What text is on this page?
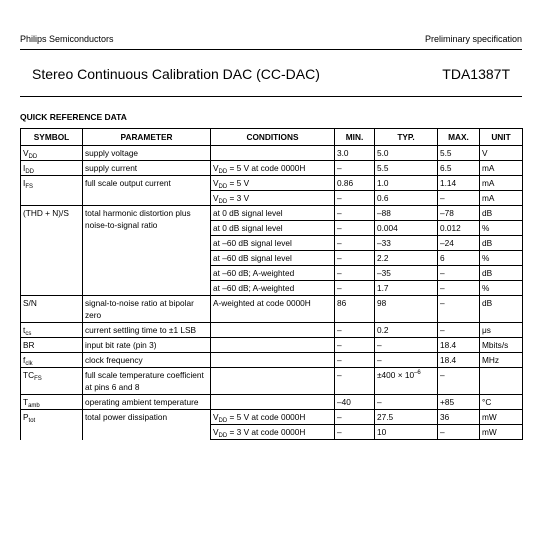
Philips Semiconductors	Preliminary specification
Stereo Continuous Calibration DAC (CC-DAC)	TDA1387T
QUICK REFERENCE DATA
SYMBOL	PARAMETER	CONDITIONS	MIN.	TYP.	MAX.	UNIT
$V_{DD}$	supply voltage		3.0	5.0	5.5	V
$I_{DD}$	supply current	$V_{DD} = 5$ V at code 0000H	–	5.5	6.5	mA
$I_{FS}$	full scale output current	$V_{DD} = 5$ V	0.86	1.0	1.14	mA
		$V_{DD} = 3$ V	–	0.6	–	mA
(THD + N)/S	total harmonic distortion plus noise-to-signal ratio	at 0 dB signal level	–	–88	–78	dB
		at 0 dB signal level	–	0.004	0.012	%
		at –60 dB signal level	–	–33	–24	dB
		at –60 dB signal level	–	2.2	6	%
		at –60 dB; A-weighted	–	–35	–	dB
		at –60 dB; A-weighted	–	1.7	–	%
S/N	signal-to-noise ratio at bipolar zero	A-weighted at code 0000H	86	98	–	dB
$t_{cs}$	current settling time to ±1 LSB		–	0.2	–	μs
BR	input bit rate (pin 3)		–	–	18.4	Mbits/s
$f_{clk}$	clock frequency		–	–	18.4	MHz
$TC_{FS}$	full scale temperature coefficient at pins 6 and 8		–	$\pm 400 \times 10^{-6}$	–	
$T_{amb}$	operating ambient temperature		–40	–	+85	°C
$P_{tot}$	total power dissipation	$V_{DD} = 5$ V at code 0000H	–	27.5	36	mW
		$V_{DD} = 3$ V at code 0000H	–	10	–	mW
